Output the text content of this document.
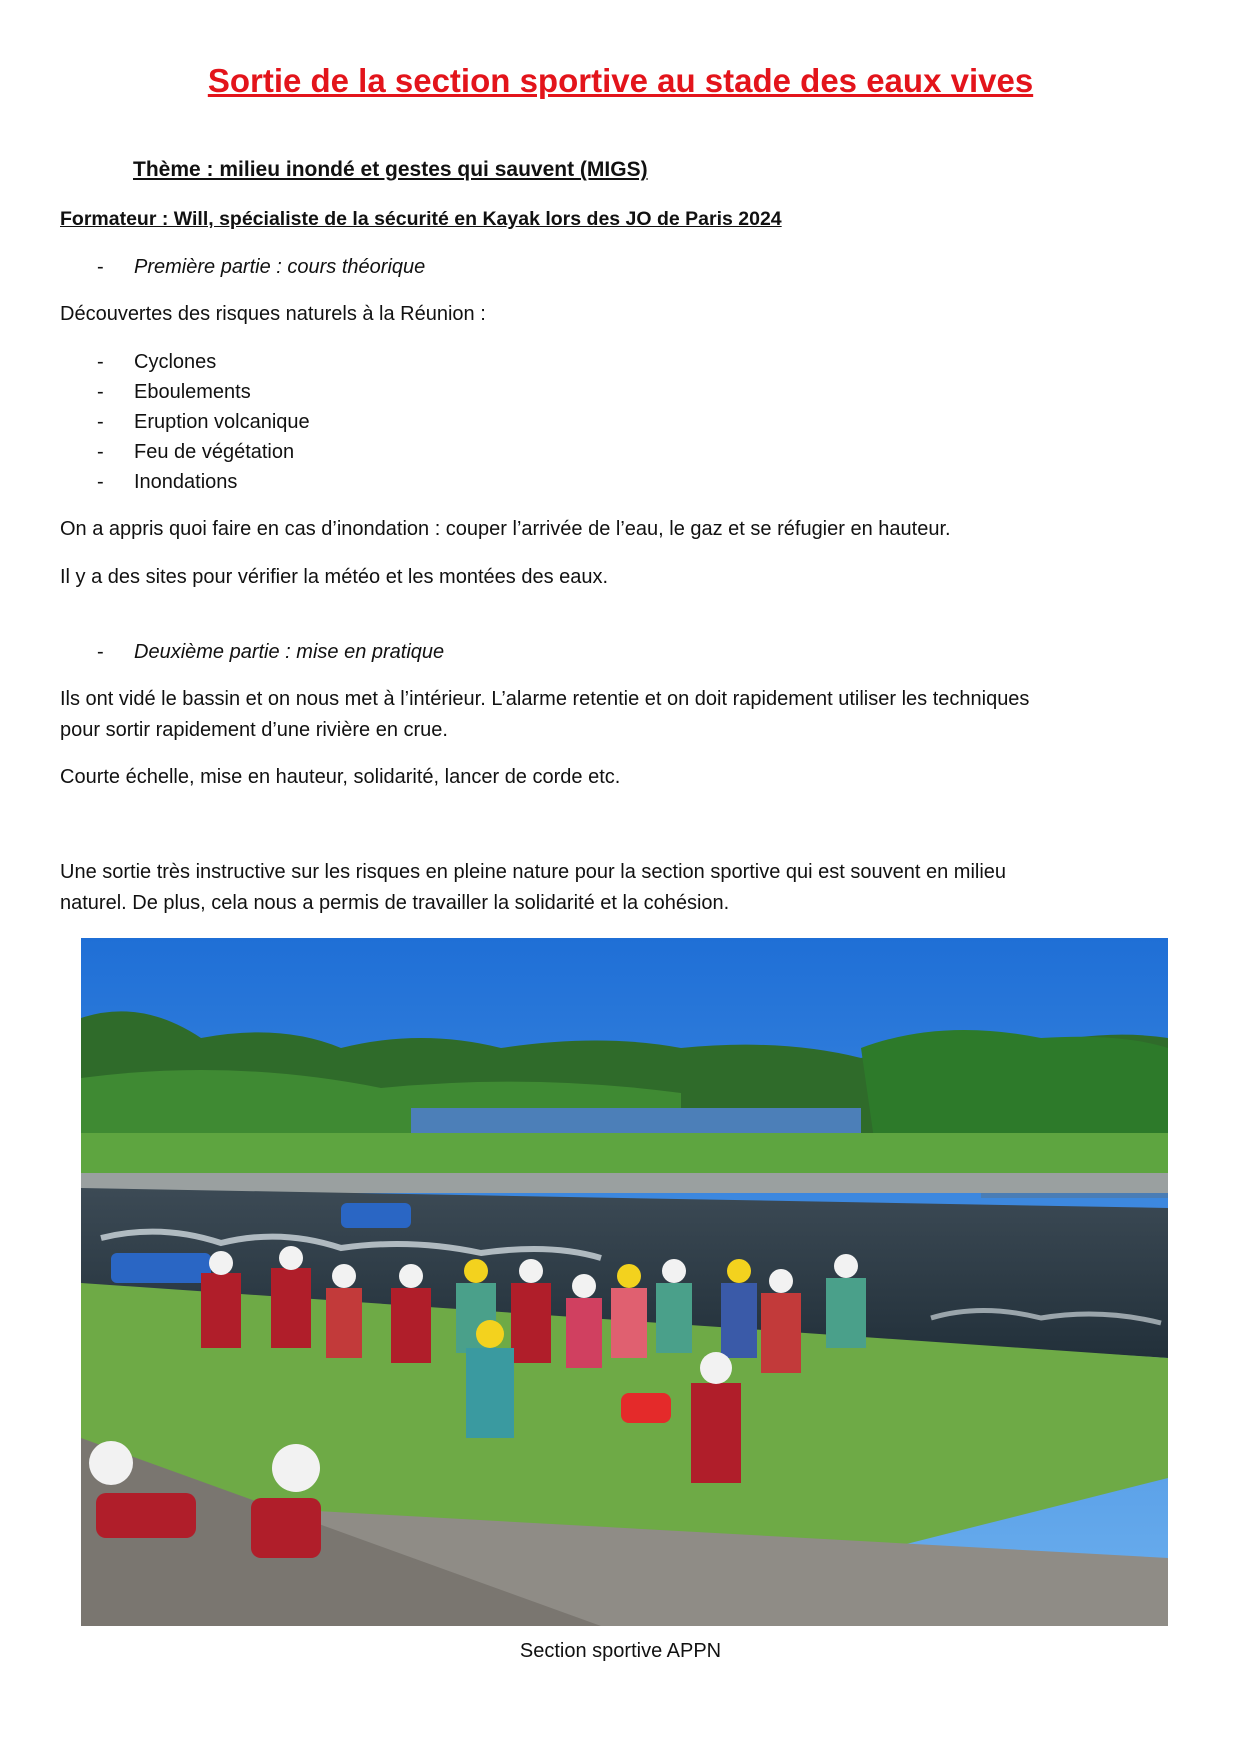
Sortie de la section sportive au stade des eaux vives
Thème : milieu inondé et gestes qui sauvent (MIGS)
Formateur : Will, spécialiste de la sécurité en Kayak lors des JO de Paris 2024
- Première partie : cours théorique
Découvertes des risques naturels à la Réunion :
- Cyclones
- Eboulements
- Eruption volcanique
- Feu de végétation
- Inondations
On a appris quoi faire en cas d’inondation : couper l’arrivée de l’eau, le gaz et se réfugier en hauteur.
Il y a des sites pour vérifier la météo et les montées des eaux.
- Deuxième partie : mise en pratique
Ils ont vidé le bassin et on nous met à l’intérieur. L’alarme retentie et on doit rapidement utiliser les techniques
pour sortir rapidement d’une rivière en crue.
Courte échelle, mise en hauteur, solidarité, lancer de corde etc.
Une sortie très instructive sur les risques en pleine nature pour la section sportive qui est souvent en milieu
naturel. De plus, cela nous a permis de travailler la solidarité et la cohésion.
Section sportive APPN
